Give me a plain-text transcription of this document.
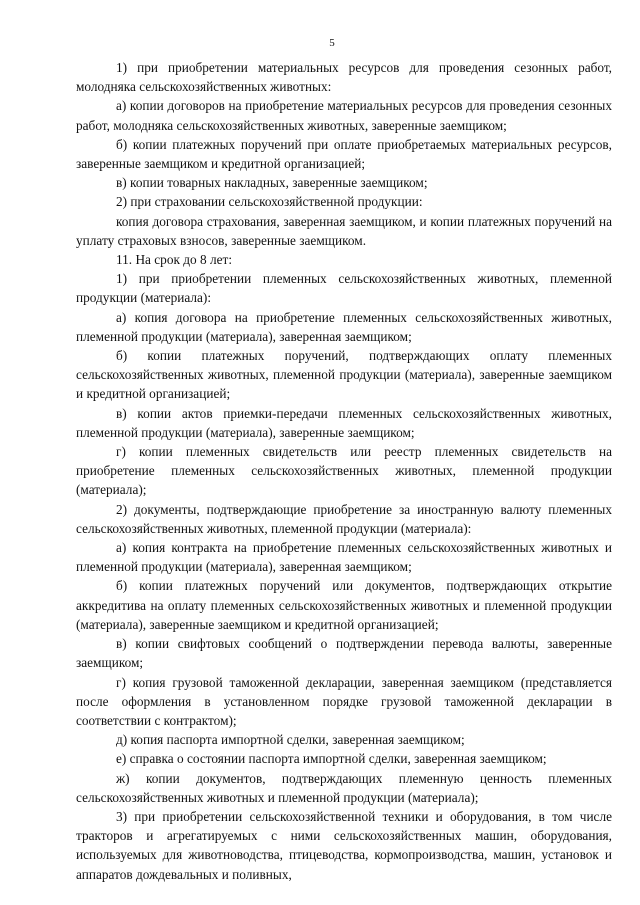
5

1) при приобретении материальных ресурсов для проведения сезонных работ, молодняка сельскохозяйственных животных:

а) копии договоров на приобретение материальных ресурсов для проведения сезонных работ, молодняка сельскохозяйственных животных, заверенные заемщиком;

б) копии платежных поручений при оплате приобретаемых материальных ресурсов, заверенные заемщиком и кредитной организацией;

в) копии товарных накладных, заверенные заемщиком;

2) при страховании сельскохозяйственной продукции:

копия договора страхования, заверенная заемщиком, и копии платежных поручений на уплату страховых взносов, заверенные заемщиком.

11. На срок до 8 лет:

1) при приобретении племенных сельскохозяйственных животных, племенной продукции (материала):

а) копия договора на приобретение племенных сельскохозяйственных животных, племенной продукции (материала), заверенная заемщиком;

б) копии платежных поручений, подтверждающих оплату племенных сельскохозяйственных животных, племенной продукции (материала), заверенные заемщиком и кредитной организацией;

в) копии актов приемки-передачи племенных сельскохозяйственных животных, племенной продукции (материала), заверенные заемщиком;

г) копии племенных свидетельств или реестр племенных свидетельств на приобретение племенных сельскохозяйственных животных, племенной продукции (материала);

2) документы, подтверждающие приобретение за иностранную валюту племенных сельскохозяйственных животных, племенной продукции (материала):

а) копия контракта на приобретение племенных сельскохозяйственных животных и племенной продукции (материала), заверенная заемщиком;

б) копии платежных поручений или документов, подтверждающих открытие аккредитива на оплату племенных сельскохозяйственных животных и племенной продукции (материала), заверенные заемщиком и кредитной организацией;

в) копии свифтовых сообщений о подтверждении перевода валюты, заверенные заемщиком;

г) копия грузовой таможенной декларации, заверенная заемщиком (представляется после оформления в установленном порядке грузовой таможенной декларации в соответствии с контрактом);

д) копия паспорта импортной сделки, заверенная заемщиком;

е) справка о состоянии паспорта импортной сделки, заверенная заемщиком;

ж) копии документов, подтверждающих племенную ценность племенных сельскохозяйственных животных и племенной продукции (материала);

3) при приобретении сельскохозяйственной техники и оборудования, в том числе тракторов и агрегатируемых с ними сельскохозяйственных машин, оборудования, используемых для животноводства, птицеводства, кормопроизводства, машин, установок и аппаратов дождевальных и поливных,
